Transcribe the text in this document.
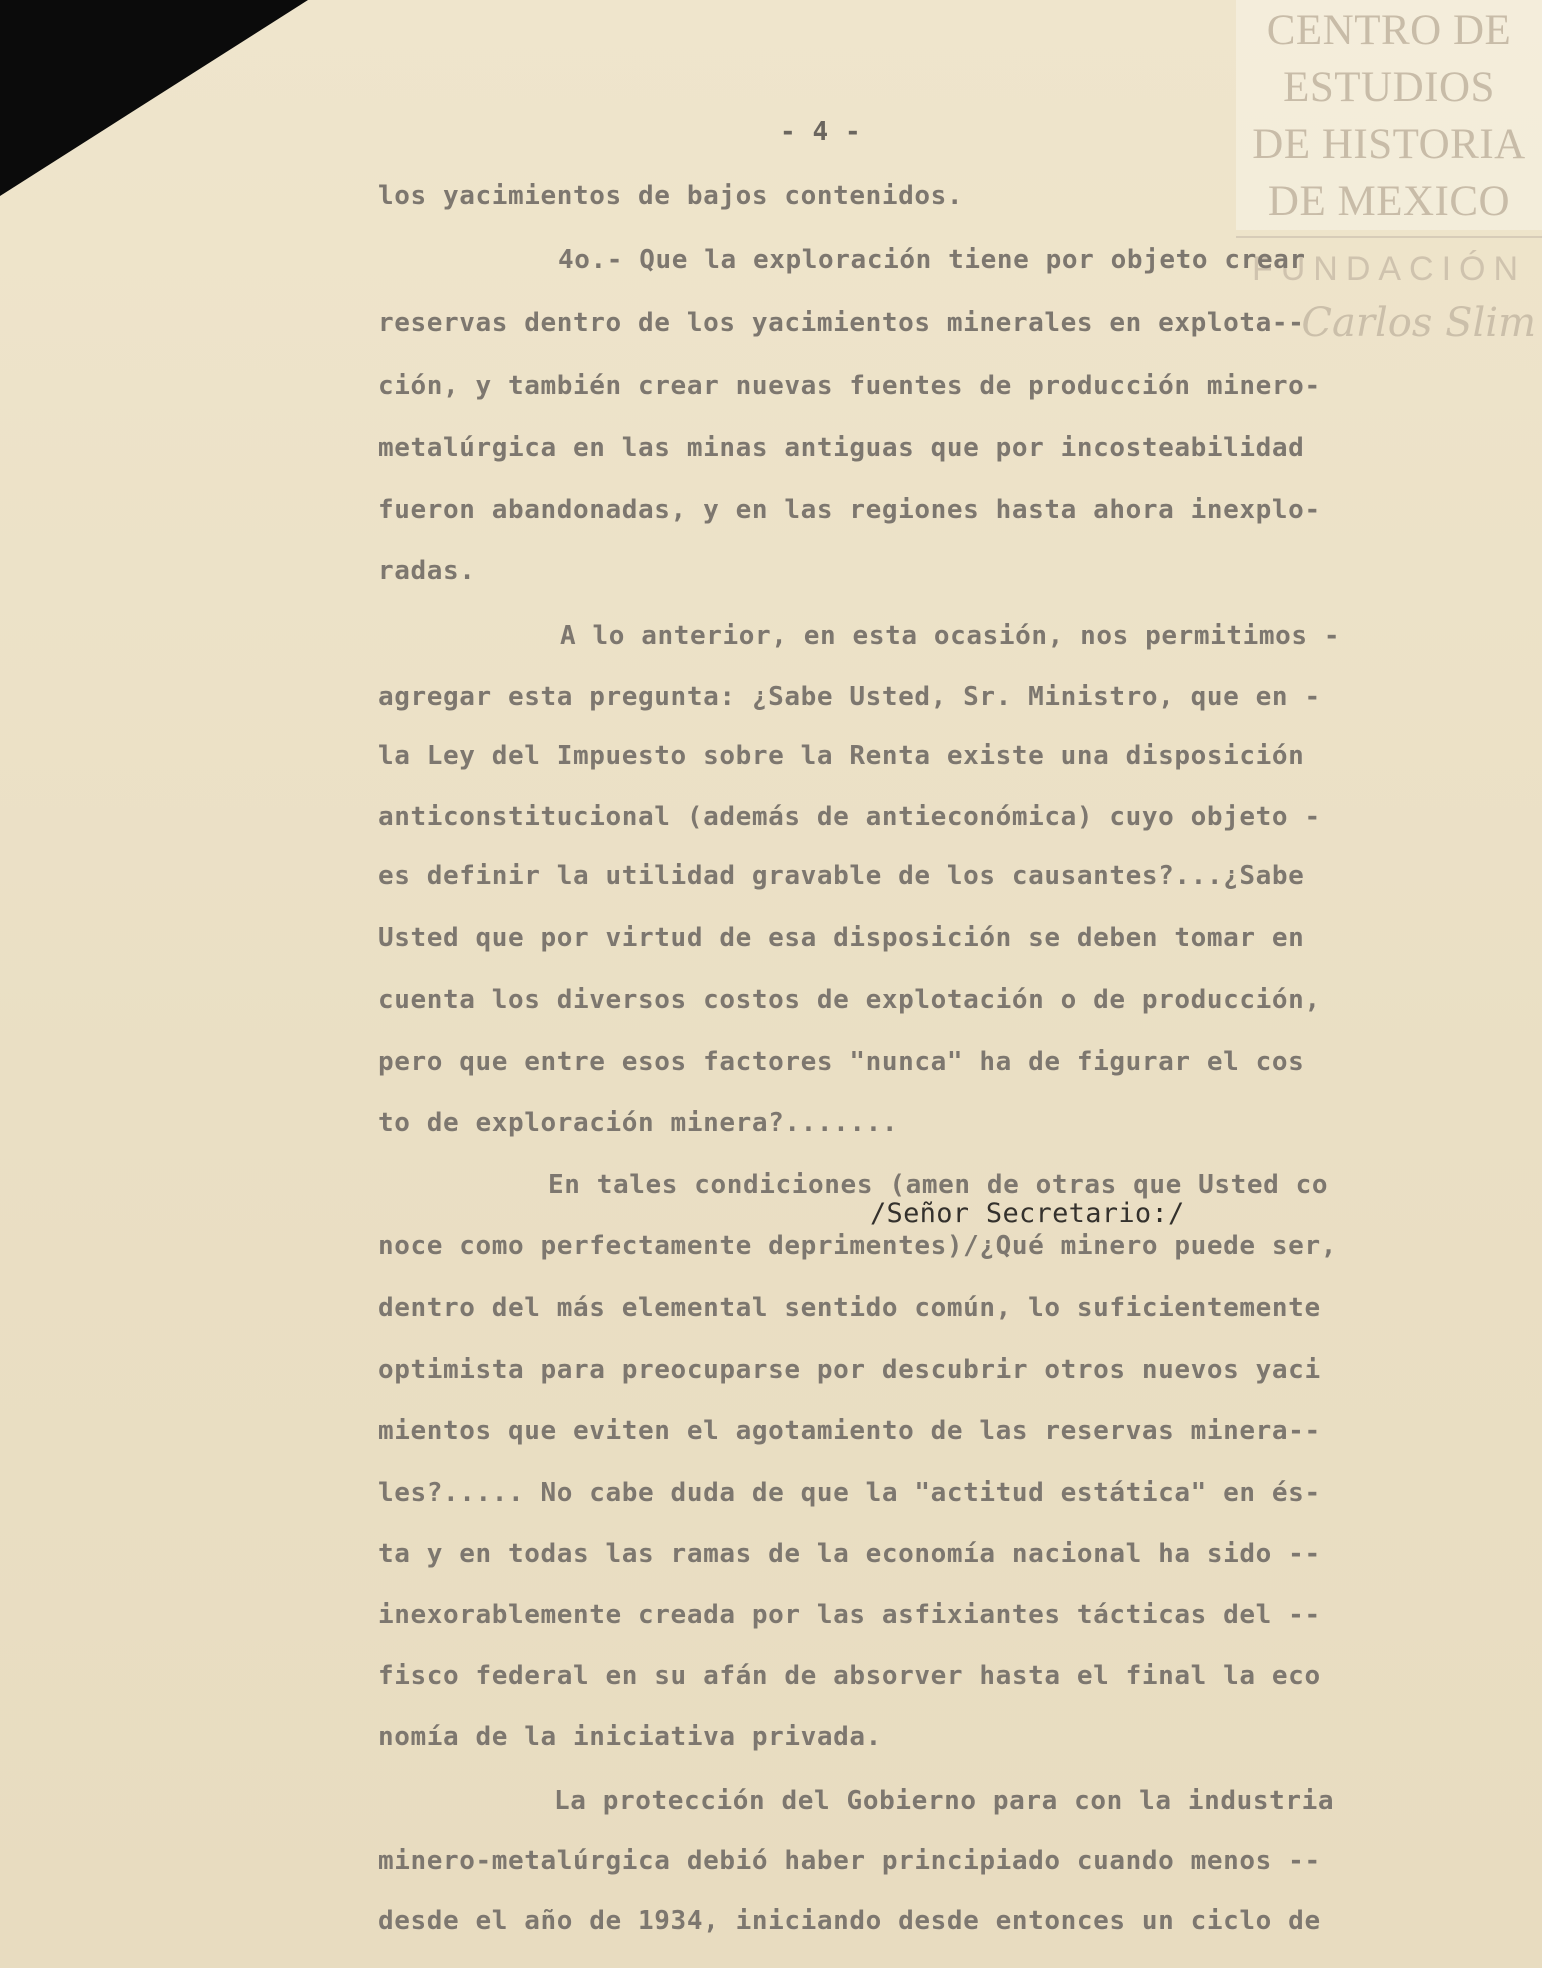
CENTRO DE
ESTUDIOS
DE HISTORIA
DE MEXICO
FUNDACIÓN
Carlos Slim
- 4 -
los yacimientos de bajos contenidos.
4o.- Que la exploración tiene por objeto crear
reservas dentro de los yacimientos minerales en explota--
ción, y también crear nuevas fuentes de producción minero-
metalúrgica en las minas antiguas que por incosteabilidad
fueron abandonadas, y en las regiones hasta ahora inexplo-
radas.
A lo anterior, en esta ocasión, nos permitimos -
agregar esta pregunta: ¿Sabe Usted, Sr. Ministro, que en -
la Ley del Impuesto sobre la Renta existe una disposición
anticonstitucional (además de antieconómica) cuyo objeto -
es definir la utilidad gravable de los causantes?...¿Sabe
Usted que por virtud de esa disposición se deben tomar en
cuenta los diversos costos de explotación o de producción,
pero que entre esos factores "nunca" ha de figurar el cos
to de exploración minera?.......
En tales condiciones (amen de otras que Usted co
/Señor Secretario:/
noce como perfectamente deprimentes)/¿Qué minero puede ser,
dentro del más elemental sentido común, lo suficientemente
optimista para preocuparse por descubrir otros nuevos yaci
mientos que eviten el agotamiento de las reservas minera--
les?..... No cabe duda de que la "actitud estática" en és-
ta y en todas las ramas de la economía nacional ha sido --
inexorablemente creada por las asfixiantes tácticas del --
fisco federal en su afán de absorver hasta el final la eco
nomía de la iniciativa privada.
La protección del Gobierno para con la industria
minero-metalúrgica debió haber principiado cuando menos --
desde el año de 1934, iniciando desde entonces un ciclo de
